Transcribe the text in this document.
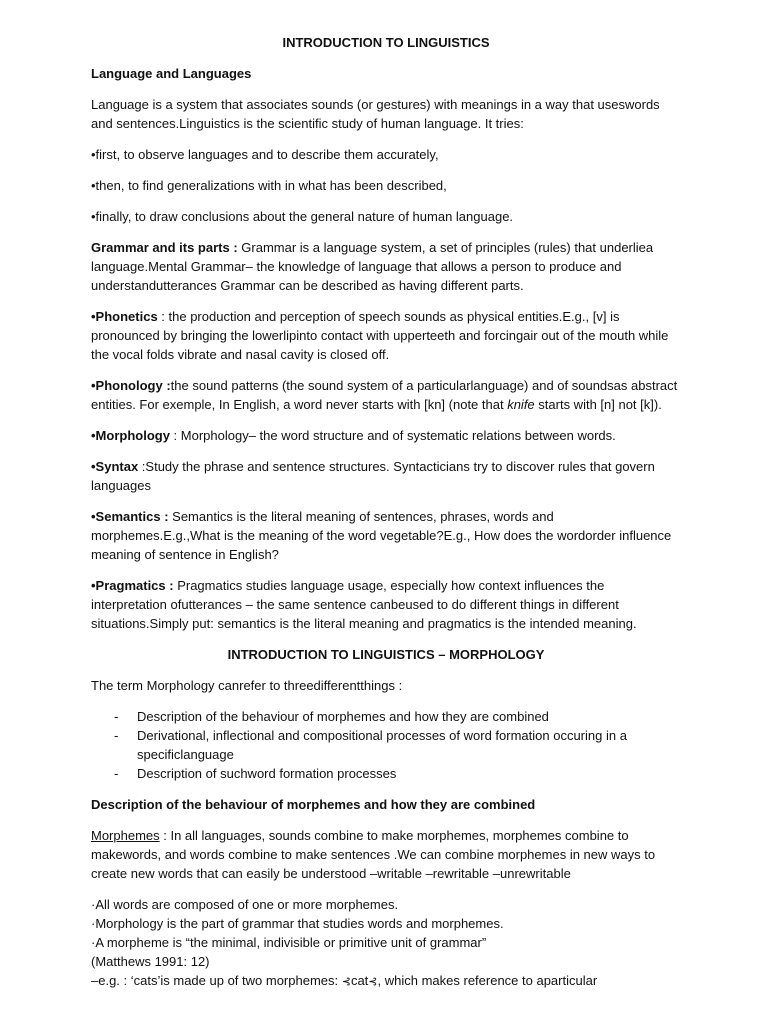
INTRODUCTION TO LINGUISTICS

Language and Languages

Language is a system that associates sounds (or gestures) with meanings in a way that useswords and sentences.Linguistics is the scientific study of human language. It tries:

•first, to observe languages and to describe them accurately,

•then, to find generalizations with in what has been described,

•finally, to draw conclusions about the general nature of human language.

Grammar and its parts : Grammar is a language system, a set of principles (rules) that underliea language.Mental Grammar– the knowledge of language that allows a person to produce and understandutterances Grammar can be described as having different parts.

•Phonetics : the production and perception of speech sounds as physical entities.E.g., [v] is pronounced by bringing the lowerlipinto contact with upperteeth and forcingair out of the mouth while the vocal folds vibrate and nasal cavity is closed off.

•Phonology :the sound patterns (the sound system of a particularlanguage) and of soundsas abstract entities. For exemple, In English, a word never starts with [kn] (note that knife starts with [n] not [k]).

•Morphology : Morphology– the word structure and of systematic relations between words.

•Syntax :Study the phrase and sentence structures. Syntacticians try to discover rules that govern languages

•Semantics : Semantics is the literal meaning of sentences, phrases, words and morphemes.E.g.,What is the meaning of the word vegetable?E.g., How does the wordorder influence meaning of sentence in English?

•Pragmatics : Pragmatics studies language usage, especially how context influences the interpretation ofutterances – the same sentence canbeused to do different things in different situations.Simply put: semantics is the literal meaning and pragmatics is the intended meaning.

INTRODUCTION TO LINGUISTICS – MORPHOLOGY

The term Morphology canrefer to threedifferentthings :

- Description of the behaviour of morphemes and how they are combined
- Derivational, inflectional and compositional processes of word formation occuring in a specificlanguage
- Description of suchword formation processes

Description of the behaviour of morphemes and how they are combined

Morphemes : In all languages, sounds combine to make morphemes, morphemes combine to makewords, and words combine to make sentences .We can combine morphemes in new ways to create new words that can easily be understood –writable –rewritable –unrewritable

·All words are composed of one or more morphemes.

·Morphology is the part of grammar that studies words and morphemes.

·A morpheme is “the minimal, indivisible or primitive unit of grammar”

(Matthews 1991: 12)

–e.g. : ‘cats’is made up of two morphemes: ⊰cat⊰, which makes reference to aparticular
